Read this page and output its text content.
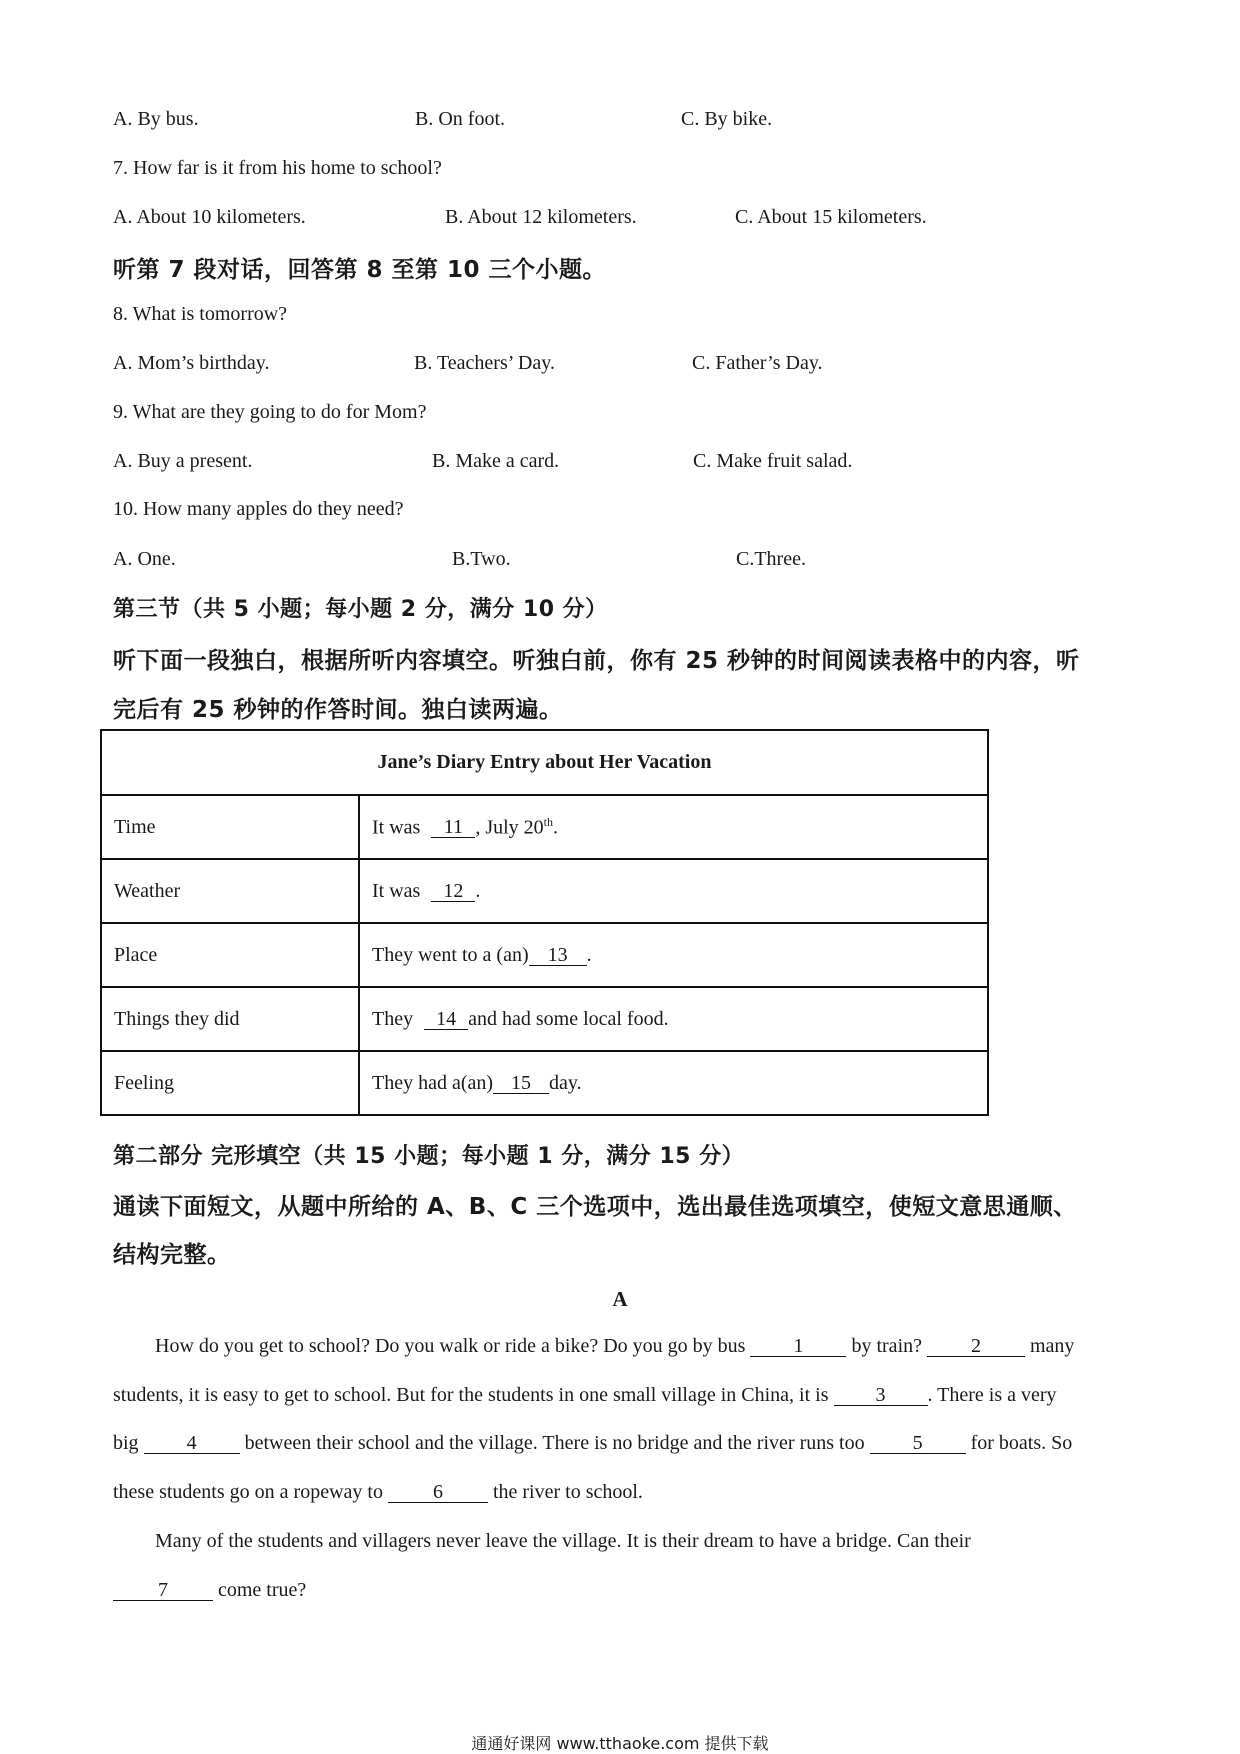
A. By bus.	B. On foot.	C. By bike.
7. How far is it from his home to school?
A. About 10 kilometers.	B. About 12 kilometers.	C. About 15 kilometers.
听第 7 段对话，回答第 8 至第 10 三个小题。
8. What is tomorrow?
A. Mom’s birthday.	B. Teachers’ Day.	C. Father’s Day.
9. What are they going to do for Mom?
A. Buy a present.	B. Make a card.	C. Make fruit salad.
10. How many apples do they need?
A. One.	B.Two.	C.Three.
第三节（共 5 小题；每小题 2 分，满分 10 分）
听下面一段独白，根据所听内容填空。听独白前，你有 25 秒钟的时间阅读表格中的内容，听
完后有 25 秒钟的作答时间。独白读两遍。
Jane’s Diary Entry about Her Vacation	
Time	It was 11 , July 20th.
Weather	It was 12 .
Place	They went to a (an) 13 .
Things they did	They 14 and had some local food.
Feeling	They had a(an) 15 day.
第二部分 完形填空（共 15 小题；每小题 1 分，满分 15 分）
通读下面短文，从题中所给的 A、B、C 三个选项中，选出最佳选项填空，使短文意思通顺、
结构完整。
A
How do you get to school? Do you walk or ride a bike? Do you go by bus 1 by train? 2 many
students, it is easy to get to school. But for the students in one small village in China, it is 3 . There is a very
big 4 between their school and the village. There is no bridge and the river runs too 5 for boats. So
these students go on a ropeway to 6 the river to school.
Many of the students and villagers never leave the village. It is their dream to have a bridge. Can their
7 come true?
通通好课网 www.tthaoke.com 提供下载
